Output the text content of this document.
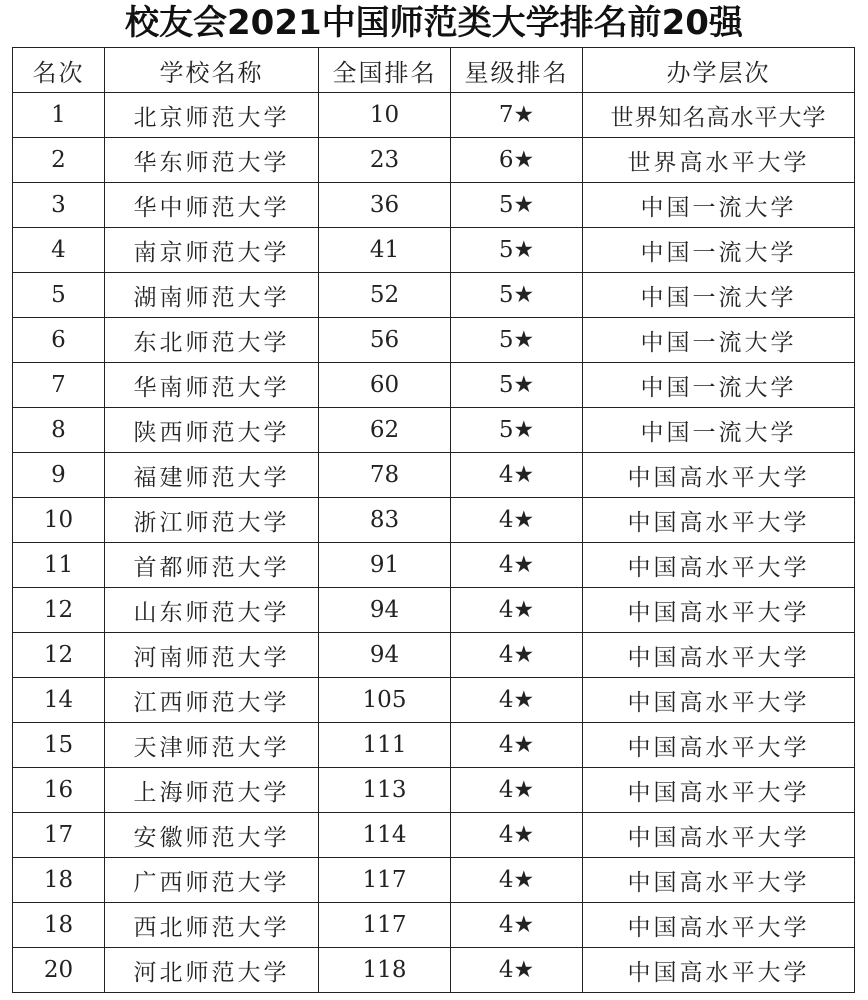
校友会2021中国师范类大学排名前20强
名次	学校名称	全国排名	星级排名	办学层次
1	北京师范大学	10	7★	世界知名高水平大学
2	华东师范大学	23	6★	世界高水平大学
3	华中师范大学	36	5★	中国一流大学
4	南京师范大学	41	5★	中国一流大学
5	湖南师范大学	52	5★	中国一流大学
6	东北师范大学	56	5★	中国一流大学
7	华南师范大学	60	5★	中国一流大学
8	陕西师范大学	62	5★	中国一流大学
9	福建师范大学	78	4★	中国高水平大学
10	浙江师范大学	83	4★	中国高水平大学
11	首都师范大学	91	4★	中国高水平大学
12	山东师范大学	94	4★	中国高水平大学
12	河南师范大学	94	4★	中国高水平大学
14	江西师范大学	105	4★	中国高水平大学
15	天津师范大学	111	4★	中国高水平大学
16	上海师范大学	113	4★	中国高水平大学
17	安徽师范大学	114	4★	中国高水平大学
18	广西师范大学	117	4★	中国高水平大学
18	西北师范大学	117	4★	中国高水平大学
20	河北师范大学	118	4★	中国高水平大学
